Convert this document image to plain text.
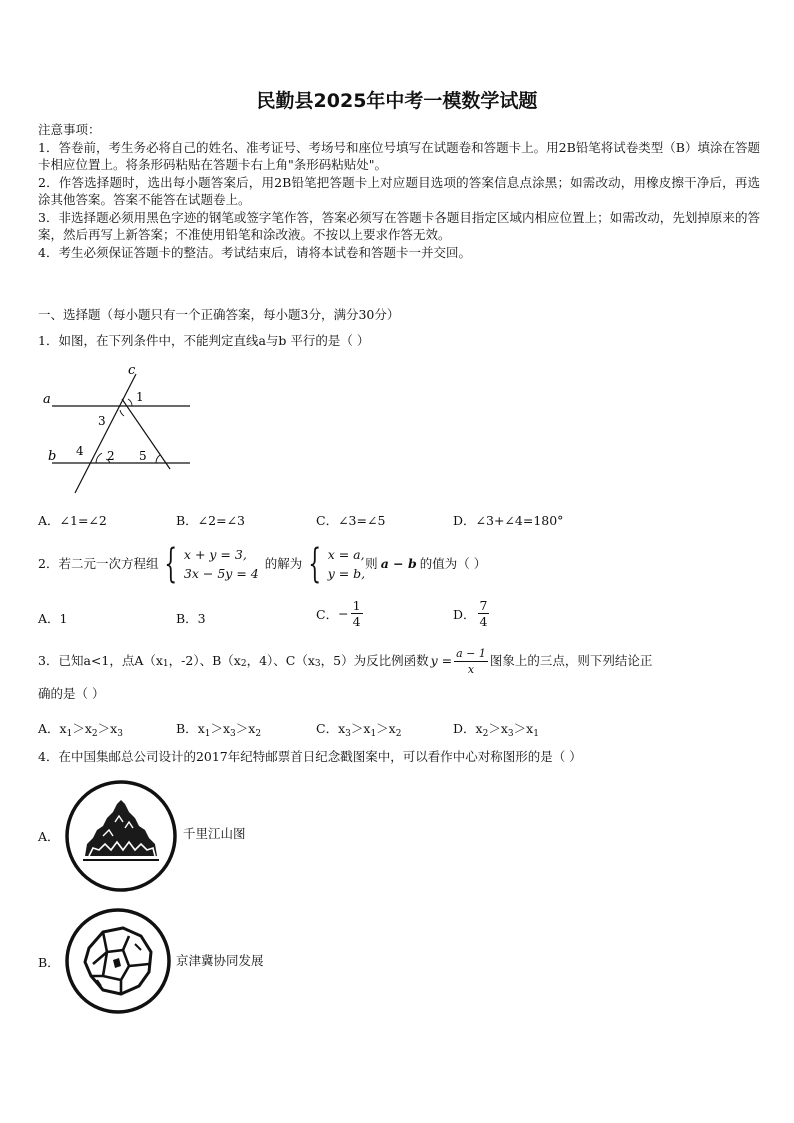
民勤县2025年中考一模数学试题

注意事项：

1．答卷前，考生务必将自己的姓名、准考证号、考场号和座位号填写在试题卷和答题卡上。用2B铅笔将试卷类型（B）填涂在答题卡相应位置上。将条形码粘贴在答题卡右上角"条形码粘贴处"。

2．作答选择题时，选出每小题答案后，用2B铅笔把答题卡上对应题目选项的答案信息点涂黑；如需改动，用橡皮擦干净后，再选涂其他答案。答案不能答在试题卷上。

3．非选择题必须用黑色字迹的钢笔或签字笔作答，答案必须写在答题卡各题目指定区域内相应位置上；如需改动，先划掉原来的答案，然后再写上新答案；不准使用铅笔和涂改液。不按以上要求作答无效。

4．考生必须保证答题卡的整洁。考试结束后，请将本试卷和答题卡一并交回。

一、选择题（每小题只有一个正确答案，每小题3分，满分30分）
1．如图，在下列条件中，不能判定直线a与b 平行的是（ ）
a
b
c
1
3
4 2 5
A．∠1=∠2	B．∠2=∠3	C．∠3=∠5	D．∠3+∠4=180°
2．若二元一次方程组 { x + y = 3,
3x − 5y = 4
的解为 { x = a,
y = b,
则 a − b 的值为（ ）
A．1	B．3	C． − $\frac{1}{4}$	D． $\frac{7}{4}$
3．已知a<1，点A（x 1 ，-2）、B（x 2 ，4）、C（x 3 ，5）为反比例函数 $y = \frac{a - 1}{x}$ 图象上的三点，则下列结论正
确的是（ ）
A．$x_1>x_2>x_3$	B．$x_1>x_3>x_2$	C．$x_3>x_1>x_2$	D．$x_2>x_3>x_1$
4．在中国集邮总公司设计的2017年纪特邮票首日纪念戳图案中，可以看作中心对称图形的是（ ）
A．	千里江山图
B．	京津冀协同发展
